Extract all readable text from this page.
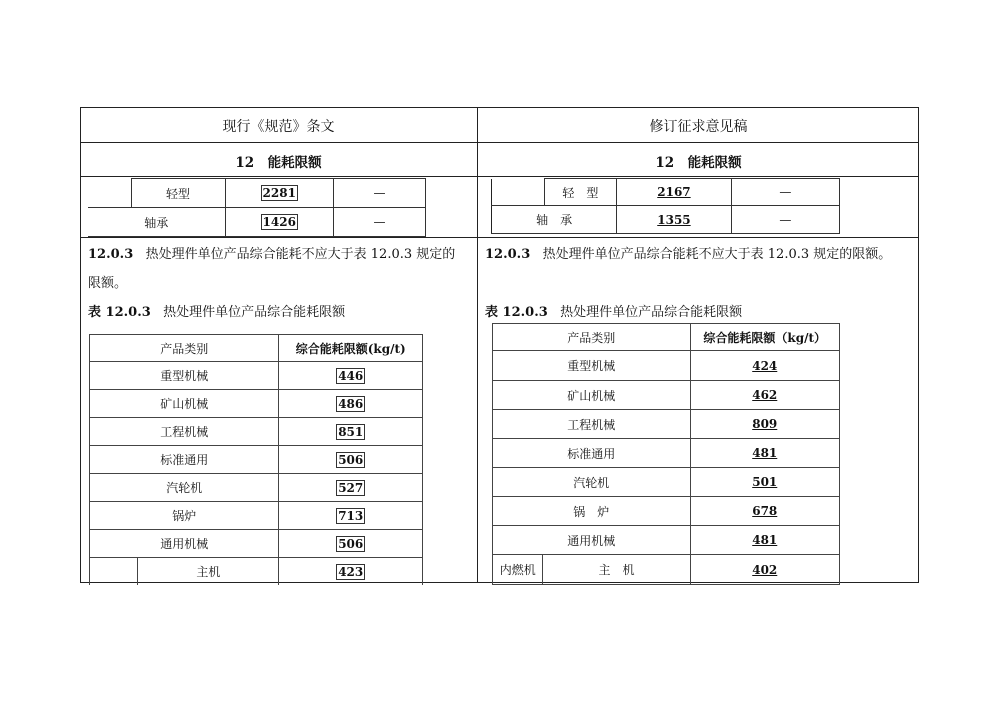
现行《规范》条文	修订征求意见稿
12　能耗限额	12　能耗限额
	轻型	2281	—
轴承		1426	—
	轻　型	2167	—
轴　承		1355	—
12.0.3 热处理件单位产品综合能耗不应大于表 12.0.3 规定的
限额。
12.0.3 热处理件单位产品综合能耗不应大于表 12.0.3 规定的限额。
表 12.0.3 热处理件单位产品综合能耗限额	表 12.0.3 热处理件单位产品综合能耗限额
产品类别		综合能耗限额(kg/t)
重型机械		446
矿山机械		486
工程机械		851
标准通用		506
汽轮机		527
锅炉		713
通用机械		506
	主机	423
产品类别		综合能耗限额（kg/t）
重型机械		424
矿山机械		462
工程机械		809
标准通用		481
汽轮机		501
锅　炉		678
通用机械		481
内燃机	主　机	402
